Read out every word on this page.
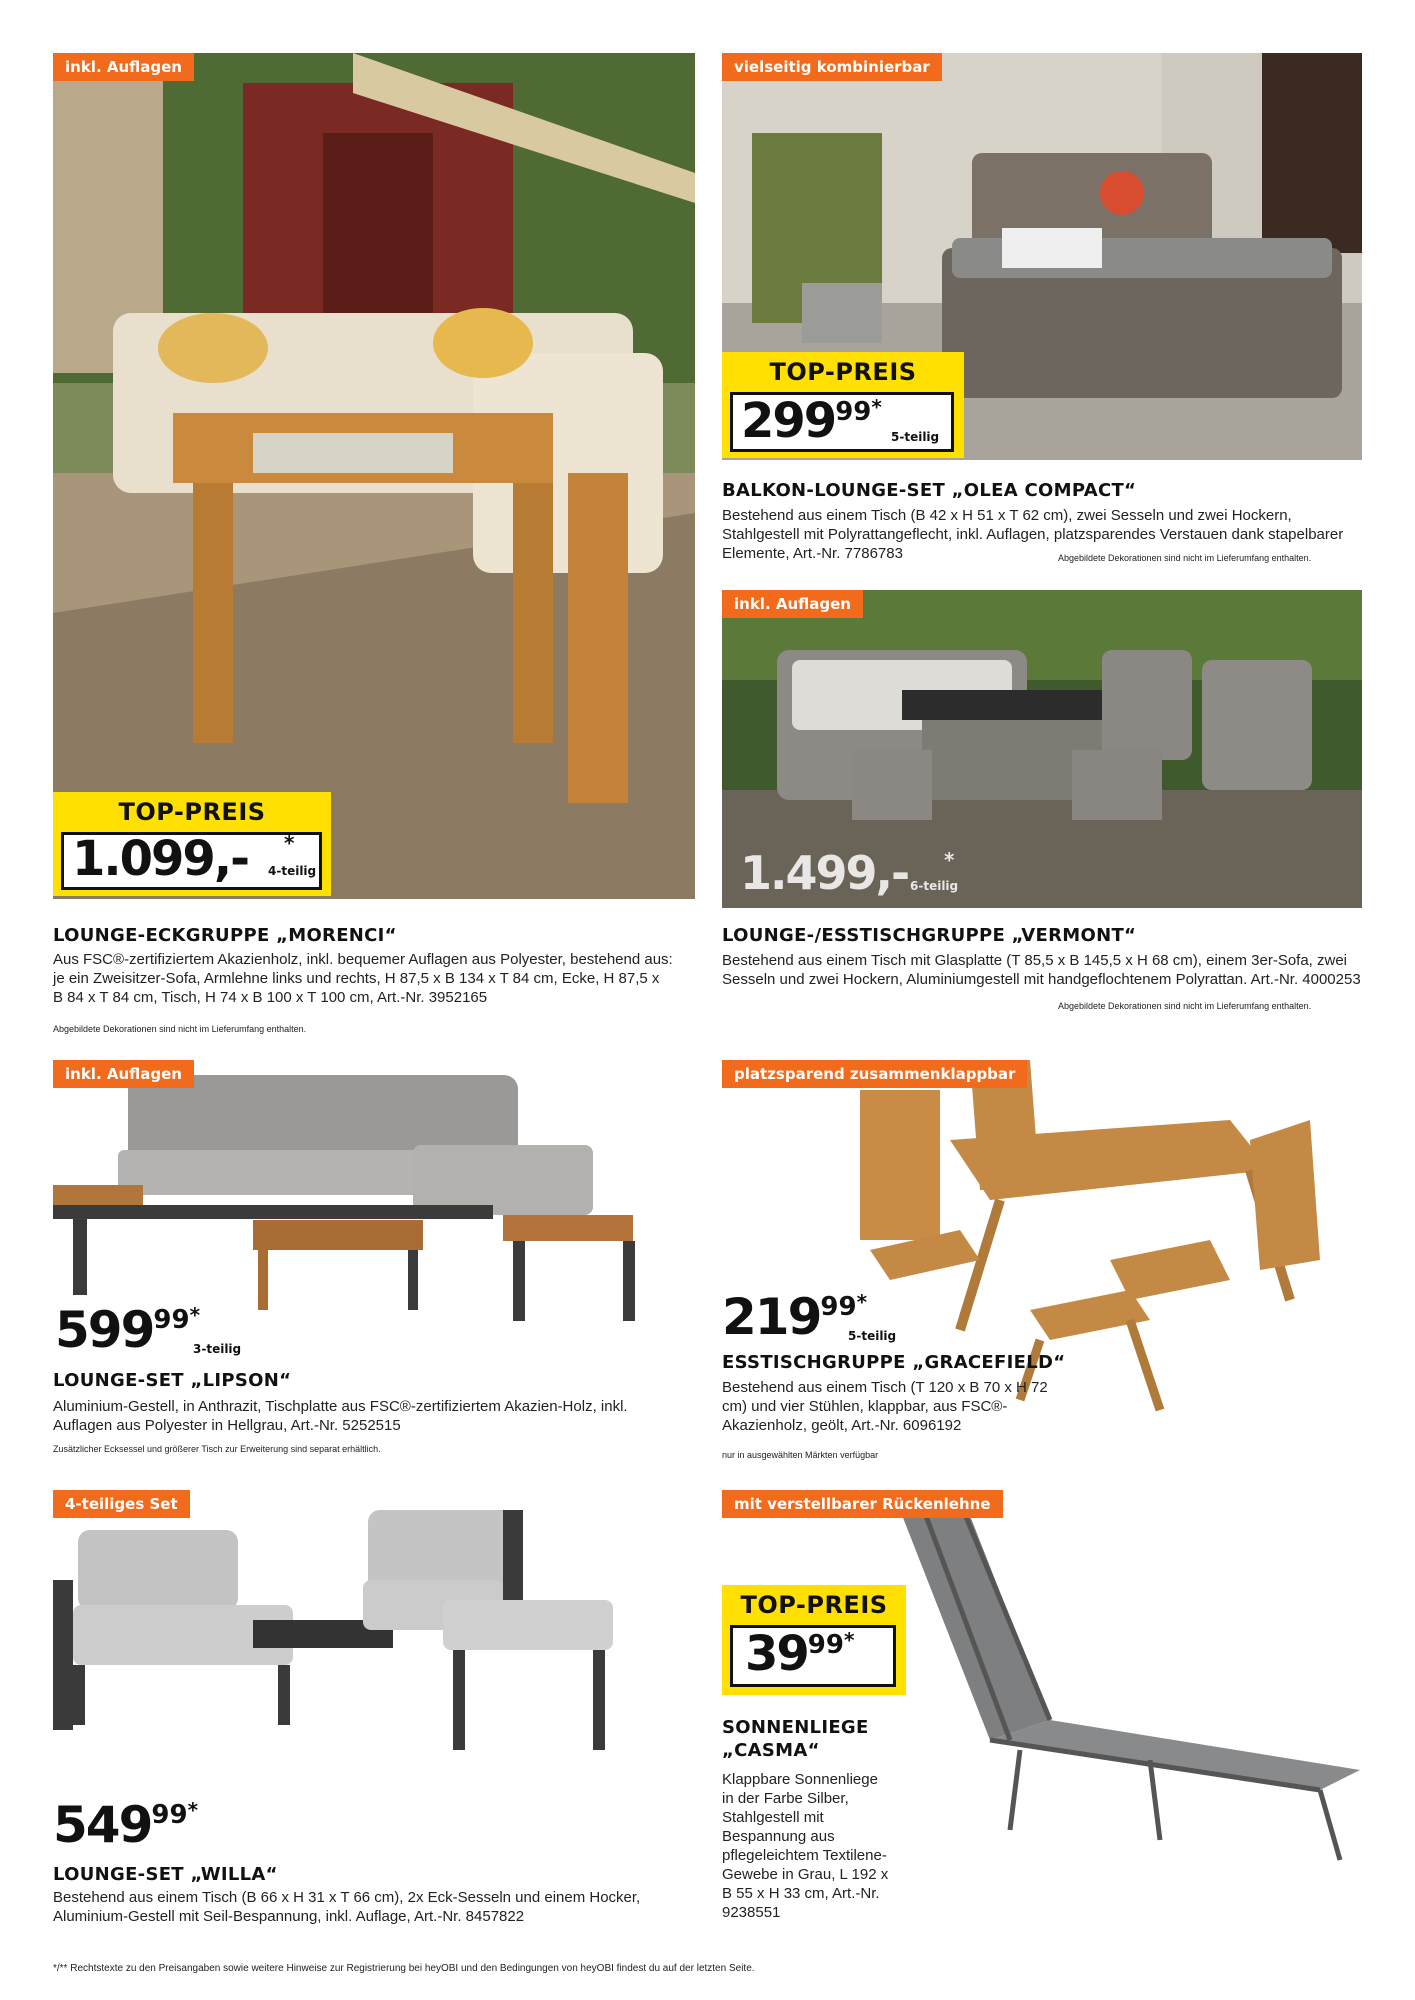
inkl. Auflagen
TOP-PREIS
1.099,- *
4-teilig
LOUNGE-ECKGRUPPE „MORENCI“
Aus FSC®-zertifiziertem Akazienholz, inkl. bequemer Auflagen aus Polyester, bestehend aus: je ein Zweisitzer-Sofa, Armlehne links und rechts, H 87,5 x B 134 x T 84 cm, Ecke, H 87,5 x B 84 x T 84 cm, Tisch, H 74 x B 100 x T 100 cm, Art.-Nr. 3952165
Abgebildete Dekorationen sind nicht im Lieferumfang enthalten.
vielseitig kombinierbar
TOP-PREIS
29999*
5-teilig
BALKON-LOUNGE-SET „OLEA COMPACT“
Bestehend aus einem Tisch (B 42 x H 51 x T 62 cm), zwei Sesseln und zwei Hockern, Stahlgestell mit Polyrattangeflecht, inkl. Auflagen, platzsparendes Verstauen dank stapelbarer Elemente, Art.-Nr. 7786783	Abgebildete Dekorationen sind nicht im Lieferumfang enthalten.
inkl. Auflagen
1.499,- *
6-teilig
LOUNGE-/ESSTISCHGRUPPE „VERMONT“
Bestehend aus einem Tisch mit Glasplatte (T 85,5 x B 145,5 x H 68 cm), einem 3er-Sofa, zwei Sesseln und zwei Hockern, Aluminiumgestell mit handgeflochtenem Polyrattan. Art.-Nr. 4000253
Abgebildete Dekorationen sind nicht im Lieferumfang enthalten.
inkl. Auflagen
59999*
3-teilig
LOUNGE-SET „LIPSON“
Aluminium-Gestell, in Anthrazit, Tischplatte aus FSC®-zertifiziertem Akazien-Holz, inkl. Auflagen aus Polyester in Hellgrau, Art.-Nr. 5252515
Zusätzlicher Ecksessel und größerer Tisch zur Erweiterung sind separat erhältlich.
platzsparend zusammenklappbar
21999*
5-teilig
ESSTISCHGRUPPE „GRACEFIELD“
Bestehend aus einem Tisch (T 120 x B 70 x H 72 cm) und vier Stühlen, klappbar, aus FSC®-Akazienholz, geölt, Art.-Nr. 6096192
nur in ausgewählten Märkten verfügbar
4-teiliges Set
54999*
LOUNGE-SET „WILLA“
Bestehend aus einem Tisch (B 66 x H 31 x T 66 cm), 2x Eck-Sesseln und einem Hocker, Aluminium-Gestell mit Seil-Bespannung, inkl. Auflage, Art.-Nr. 8457822
mit verstellbarer Rückenlehne
TOP-PREIS
3999*
SONNENLIEGE
„CASMA“
Klappbare Sonnenliege in der Farbe Silber, Stahlgestell mit Bespannung aus pflegeleichtem Textilene-Gewebe in Grau, L 192 x B 55 x H 33 cm, Art.-Nr. 9238551
*/** Rechtstexte zu den Preisangaben sowie weitere Hinweise zur Registrierung bei heyOBI und den Bedingungen von heyOBI findest du auf der letzten Seite.
